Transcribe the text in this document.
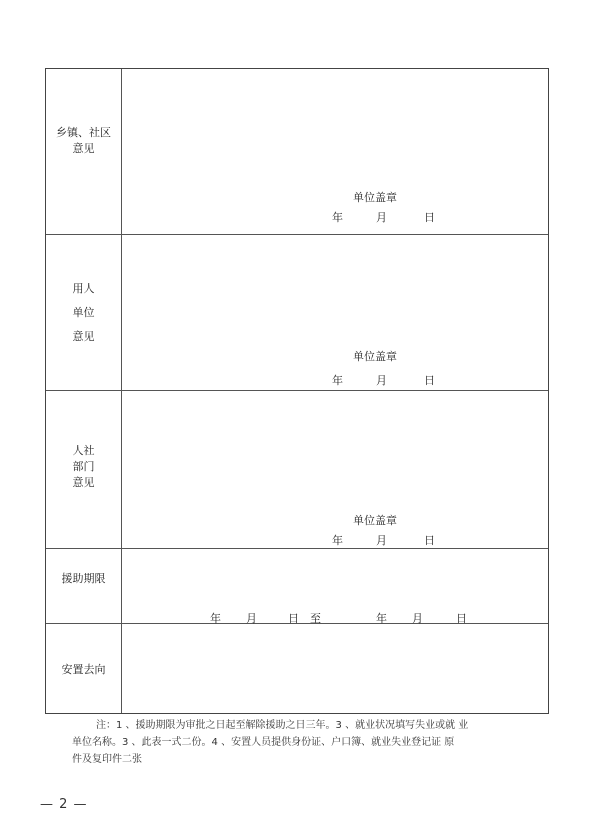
乡镇、社区
意见
单位盖章
年	月	日
用人
单位
意见
单位盖章
年	月	日
人社
部门
意见
单位盖章
年	月	日
援助期限
年 月	日 至	年 月	日
安置去向
注：1 、援助期限为审批之日起至解除援助之日三年。3 、就业状况填写失业或就 业
单位名称。3 、此表一式二份。4 、安置人员提供身份证、户口簿、就业失业登记证 原
件及复印件二张
— 2 —
